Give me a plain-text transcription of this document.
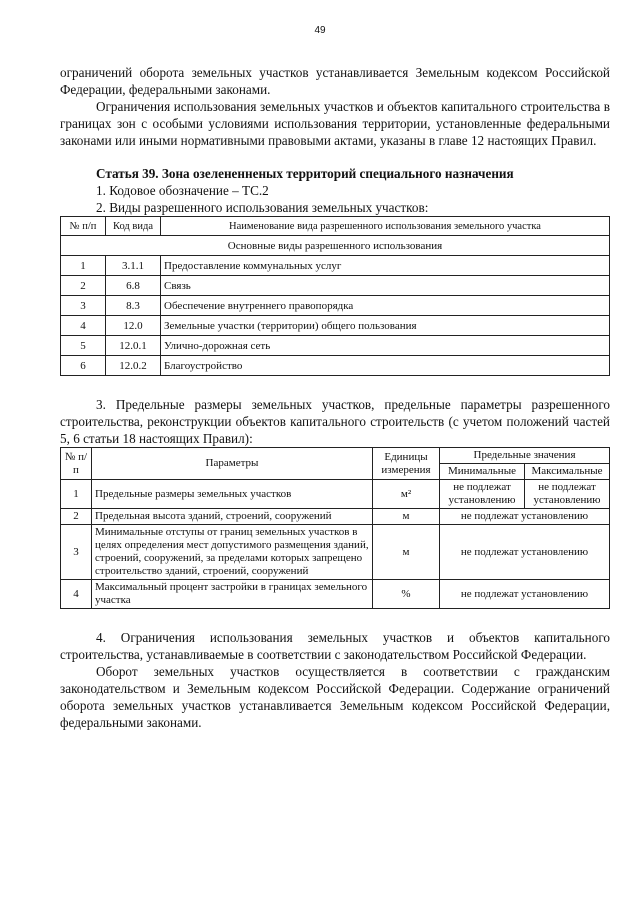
49

ограничений оборота земельных участков устанавливается Земельным кодексом Российской Федерации, федеральными законами.

Ограничения использования земельных участков и объектов капитального строительства в границах зон с особыми условиями использования территории, установленные федеральными законами или иными нормативными правовыми актами, указаны в главе 12 настоящих Правил.

Статья 39. Зона озелененненых территорий специального назначения
1. Кодовое обозначение – ТС.2
2. Виды разрешенного использования земельных участков:
№ п/п	Код вида	Наименование вида разрешенного использования земельного участка
Основные виды разрешенного использования		
1	3.1.1	Предоставление коммунальных услуг
2	6.8	Связь
3	8.3	Обеспечение внутреннего правопорядка
4	12.0	Земельные участки (территории) общего пользования
5	12.0.1	Улично-дорожная сеть
6	12.0.2	Благоустройство

3. Предельные размеры земельных участков, предельные параметры разрешенного строительства, реконструкции объектов капитального строительств (с учетом положений частей 5, 6 статьи 18 настоящих Правил):

№ п/п	Параметры	Единицы измерения	Предельные значения	
			Минимальные	Максимальные
1	Предельные размеры земельных участков	м²	не подлежат установлению	не подлежат установлению
2	Предельная высота зданий, строений, сооружений	м	не подлежат установлению	
3	Минимальные отступы от границ земельных участков в целях определения мест допустимого размещения зданий, строений, сооружений, за пределами которых запрещено строительство зданий, строений, сооружений	м	не подлежат установлению	
4	Максимальный процент застройки в границах земельного участка	%	не подлежат установлению	

4. Ограничения использования земельных участков и объектов капитального строительства, устанавливаемые в соответствии с законодательством Российской Федерации.

Оборот земельных участков осуществляется в соответствии с гражданским законодательством и Земельным кодексом Российской Федерации. Содержание ограничений оборота земельных участков устанавливается Земельным кодексом Российской Федерации, федеральными законами.
